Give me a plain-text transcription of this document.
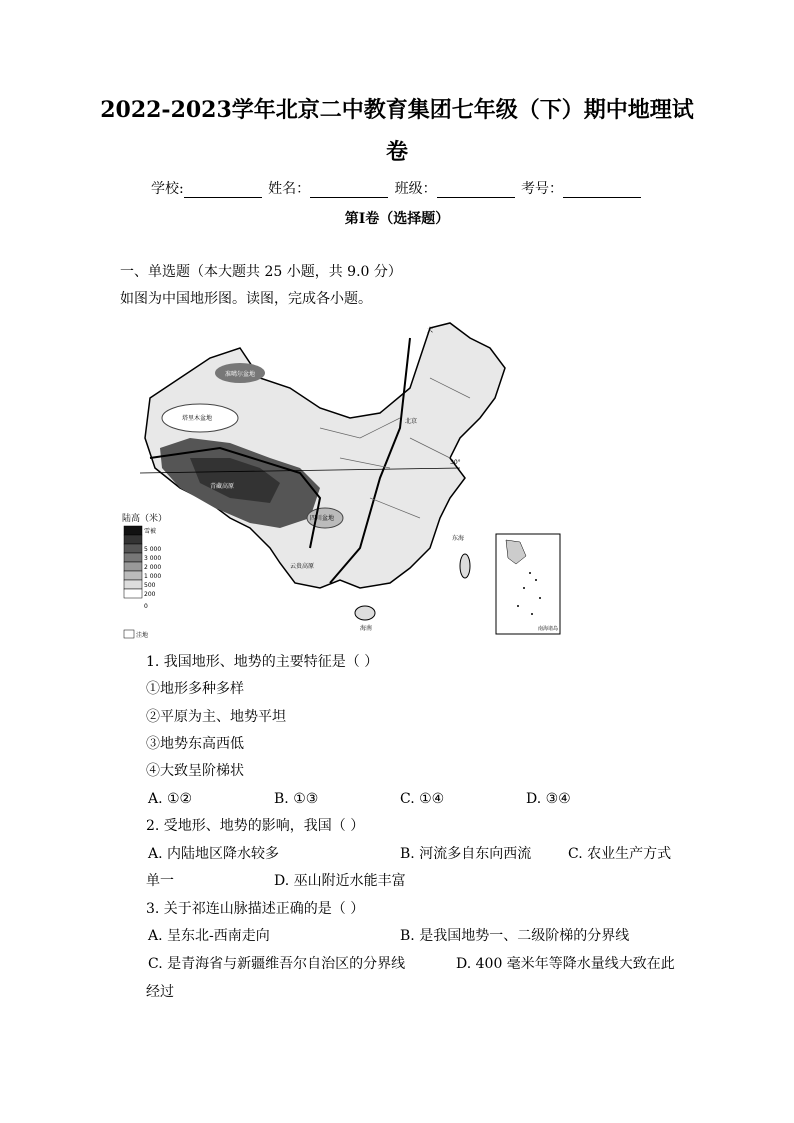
2022-2023学年北京二中教育集团七年级（下）期中地理试
卷
学校:	姓名：	班级：	考号：
第I卷（选择题）
一、单选题（本大题共 25 小题，共 9.0 分）
如图为中国地形图。读图，完成各小题。
陆高（米）
雪被
5 000
3 000
2 000
1 000
500
200
0
洼地
塔里木盆地
准噶尔盆地
四川盆地
云贵高原
青藏高原
北京
30°
东海
海南
大
南海诸岛
1. 我国地形、地势的主要特征是（ ）
①地形多种多样
②平原为主、地势平坦
③地势东高西低
④大致呈阶梯状
A. ①②	B. ①③	C. ①④	D. ③④
2. 受地形、地势的影响，我国（ ）
A. 内陆地区降水较多	B. 河流多自东向西流	C. 农业生产方式
单一	D. 巫山附近水能丰富
3. 关于祁连山脉描述正确的是（ ）
A. 呈东北-西南走向	B. 是我国地势一、二级阶梯的分界线
C. 是青海省与新疆维吾尔自治区的分界线	D. 400 毫米年等降水量线大致在此
经过
